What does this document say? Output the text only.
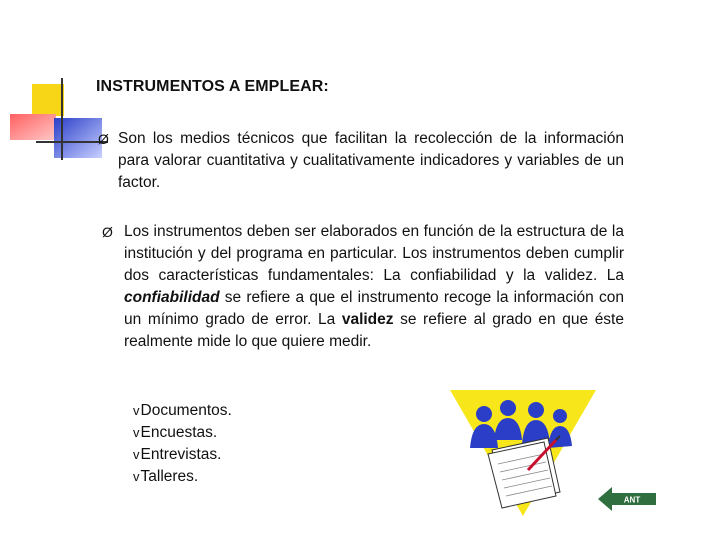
INSTRUMENTOS A EMPLEAR:
Ø Son los medios técnicos que facilitan la recolección de la información para valorar cuantitativa y cualitativamente indicadores y variables de un factor.
Ø Los instrumentos deben ser elaborados en función de la estructura de la institución y del programa en particular. Los instrumentos deben cumplir dos características fundamentales: La confiabilidad y la validez. La confiabilidad se refiere a que el instrumento recoge la información con un mínimo grado de error. La validez se refiere al grado en que éste realmente mide lo que quiere medir.
v Documentos.
v Encuestas.
v Entrevistas.
v Talleres.
ANT
